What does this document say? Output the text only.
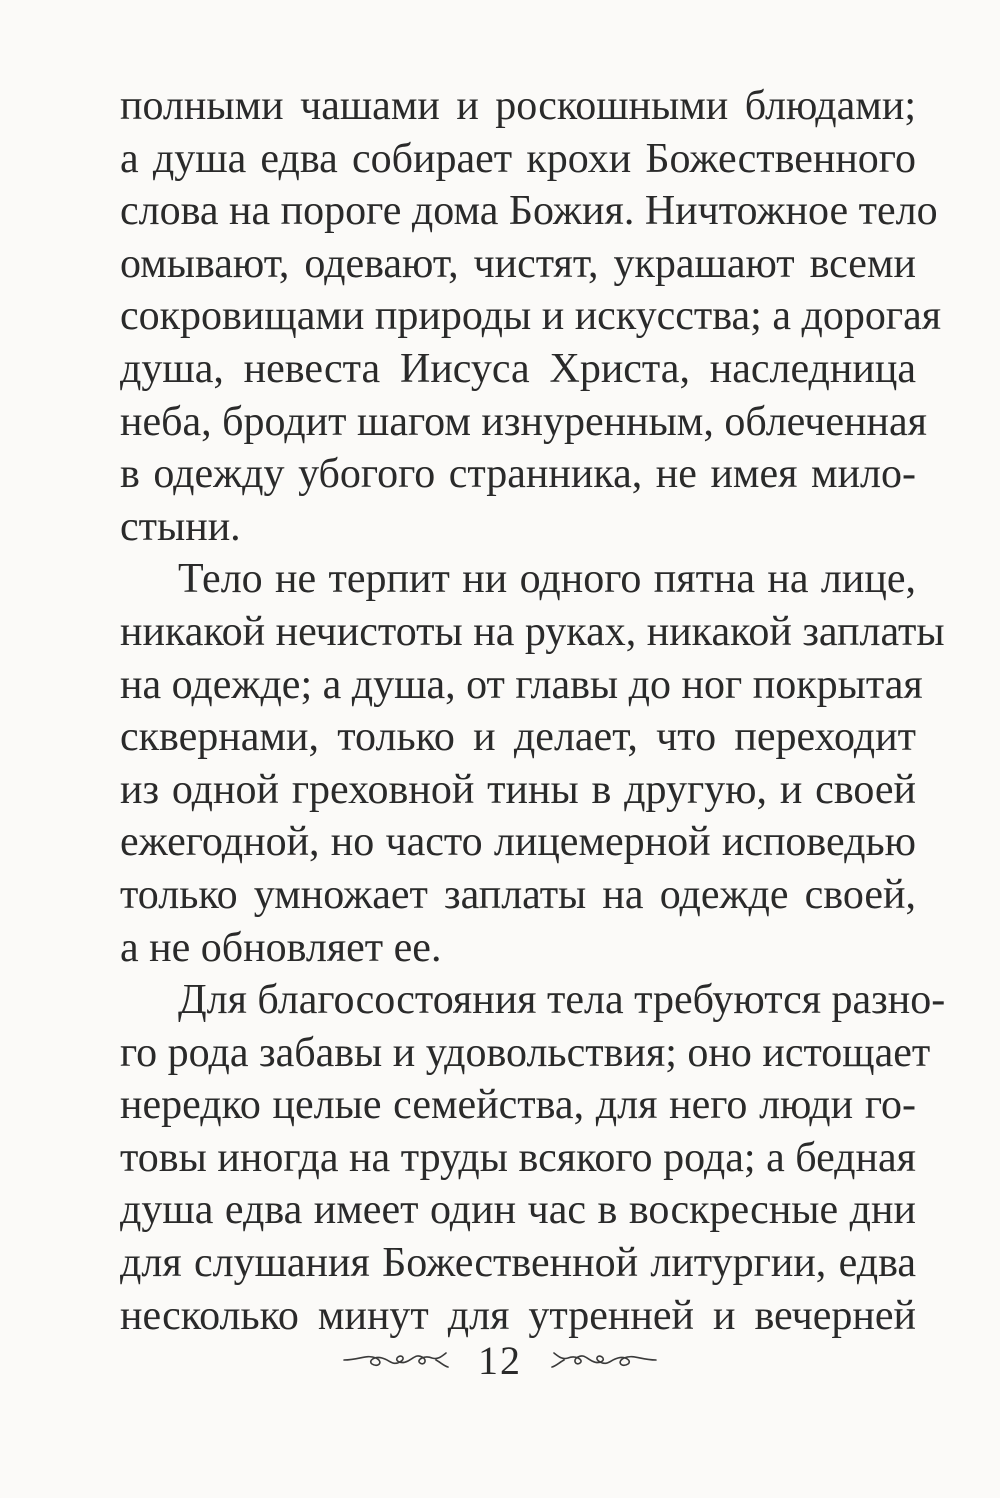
полными чашами и роскошными блюдами;
а душа едва собирает крохи Божественного
слова на пороге дома Божия. Ничтожное тело
омывают, одевают, чистят, украшают всеми
сокровищами природы и искусства; а дорогая
душа, невеста Иисуса Христа, наследница
неба, бродит шагом изнуренным, облеченная
в одежду убогого странника, не имея мило-
стыни.
Тело не терпит ни одного пятна на лице,
никакой нечистоты на руках, никакой заплаты
на одежде; а душа, от главы до ног покрытая
сквернами, только и делает, что переходит
из одной греховной тины в другую, и своей
ежегодной, но часто лицемерной исповедью
только умножает заплаты на одежде своей,
а не обновляет ее.
Для благосостояния тела требуются разно-
го рода забавы и удовольствия; оно истощает
нередко целые семейства, для него люди го-
товы иногда на труды всякого рода; а бедная
душа едва имеет один час в воскресные дни
для слушания Божественной литургии, едва
несколько минут для утренней и вечерней
12
